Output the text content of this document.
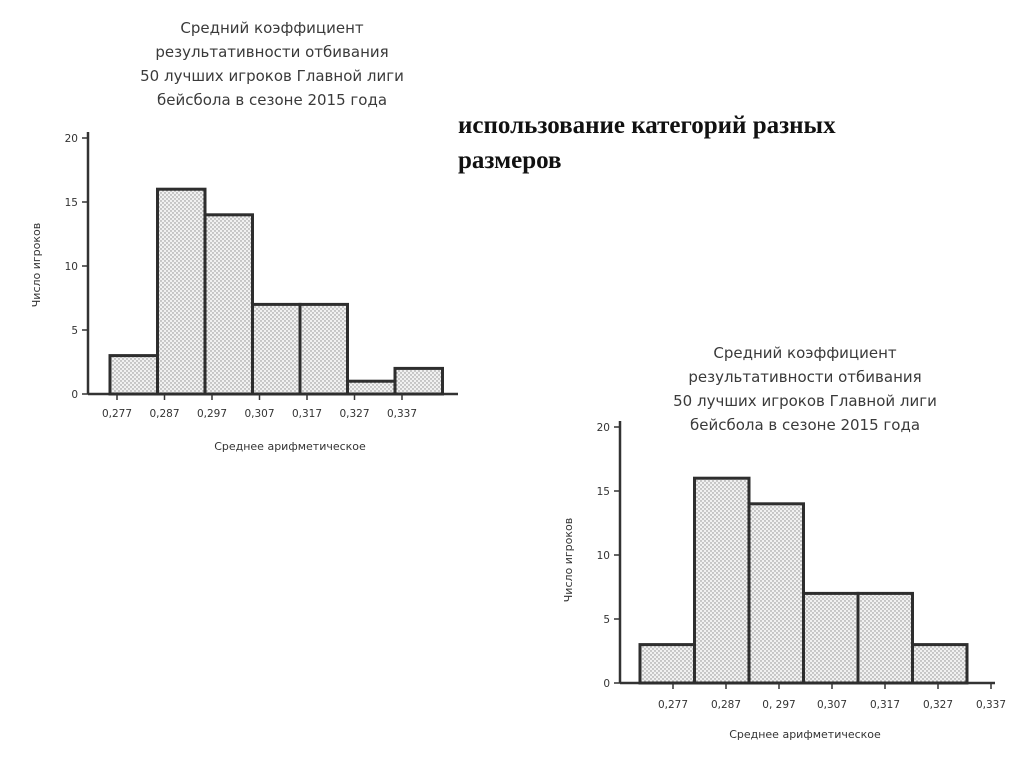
использование категорий разных
размеров
Средний коэффициент
результативности отбивания
50 лучших игроков Главной лиги
бейсбола в сезоне 2015 года
0
5
10
15
20
0,277 0,287 0,297 0,307 0,317 0,327 0,337
Среднее арифметическое
Число игроков
Средний коэффициент
результативности отбивания
50 лучших игроков Главной лиги
бейсбола в сезоне 2015 года
0
5
10
15
20
0,277 0,287 0, 297 0,307 0,317 0,327 0,337
Среднее арифметическое
Число игроков
